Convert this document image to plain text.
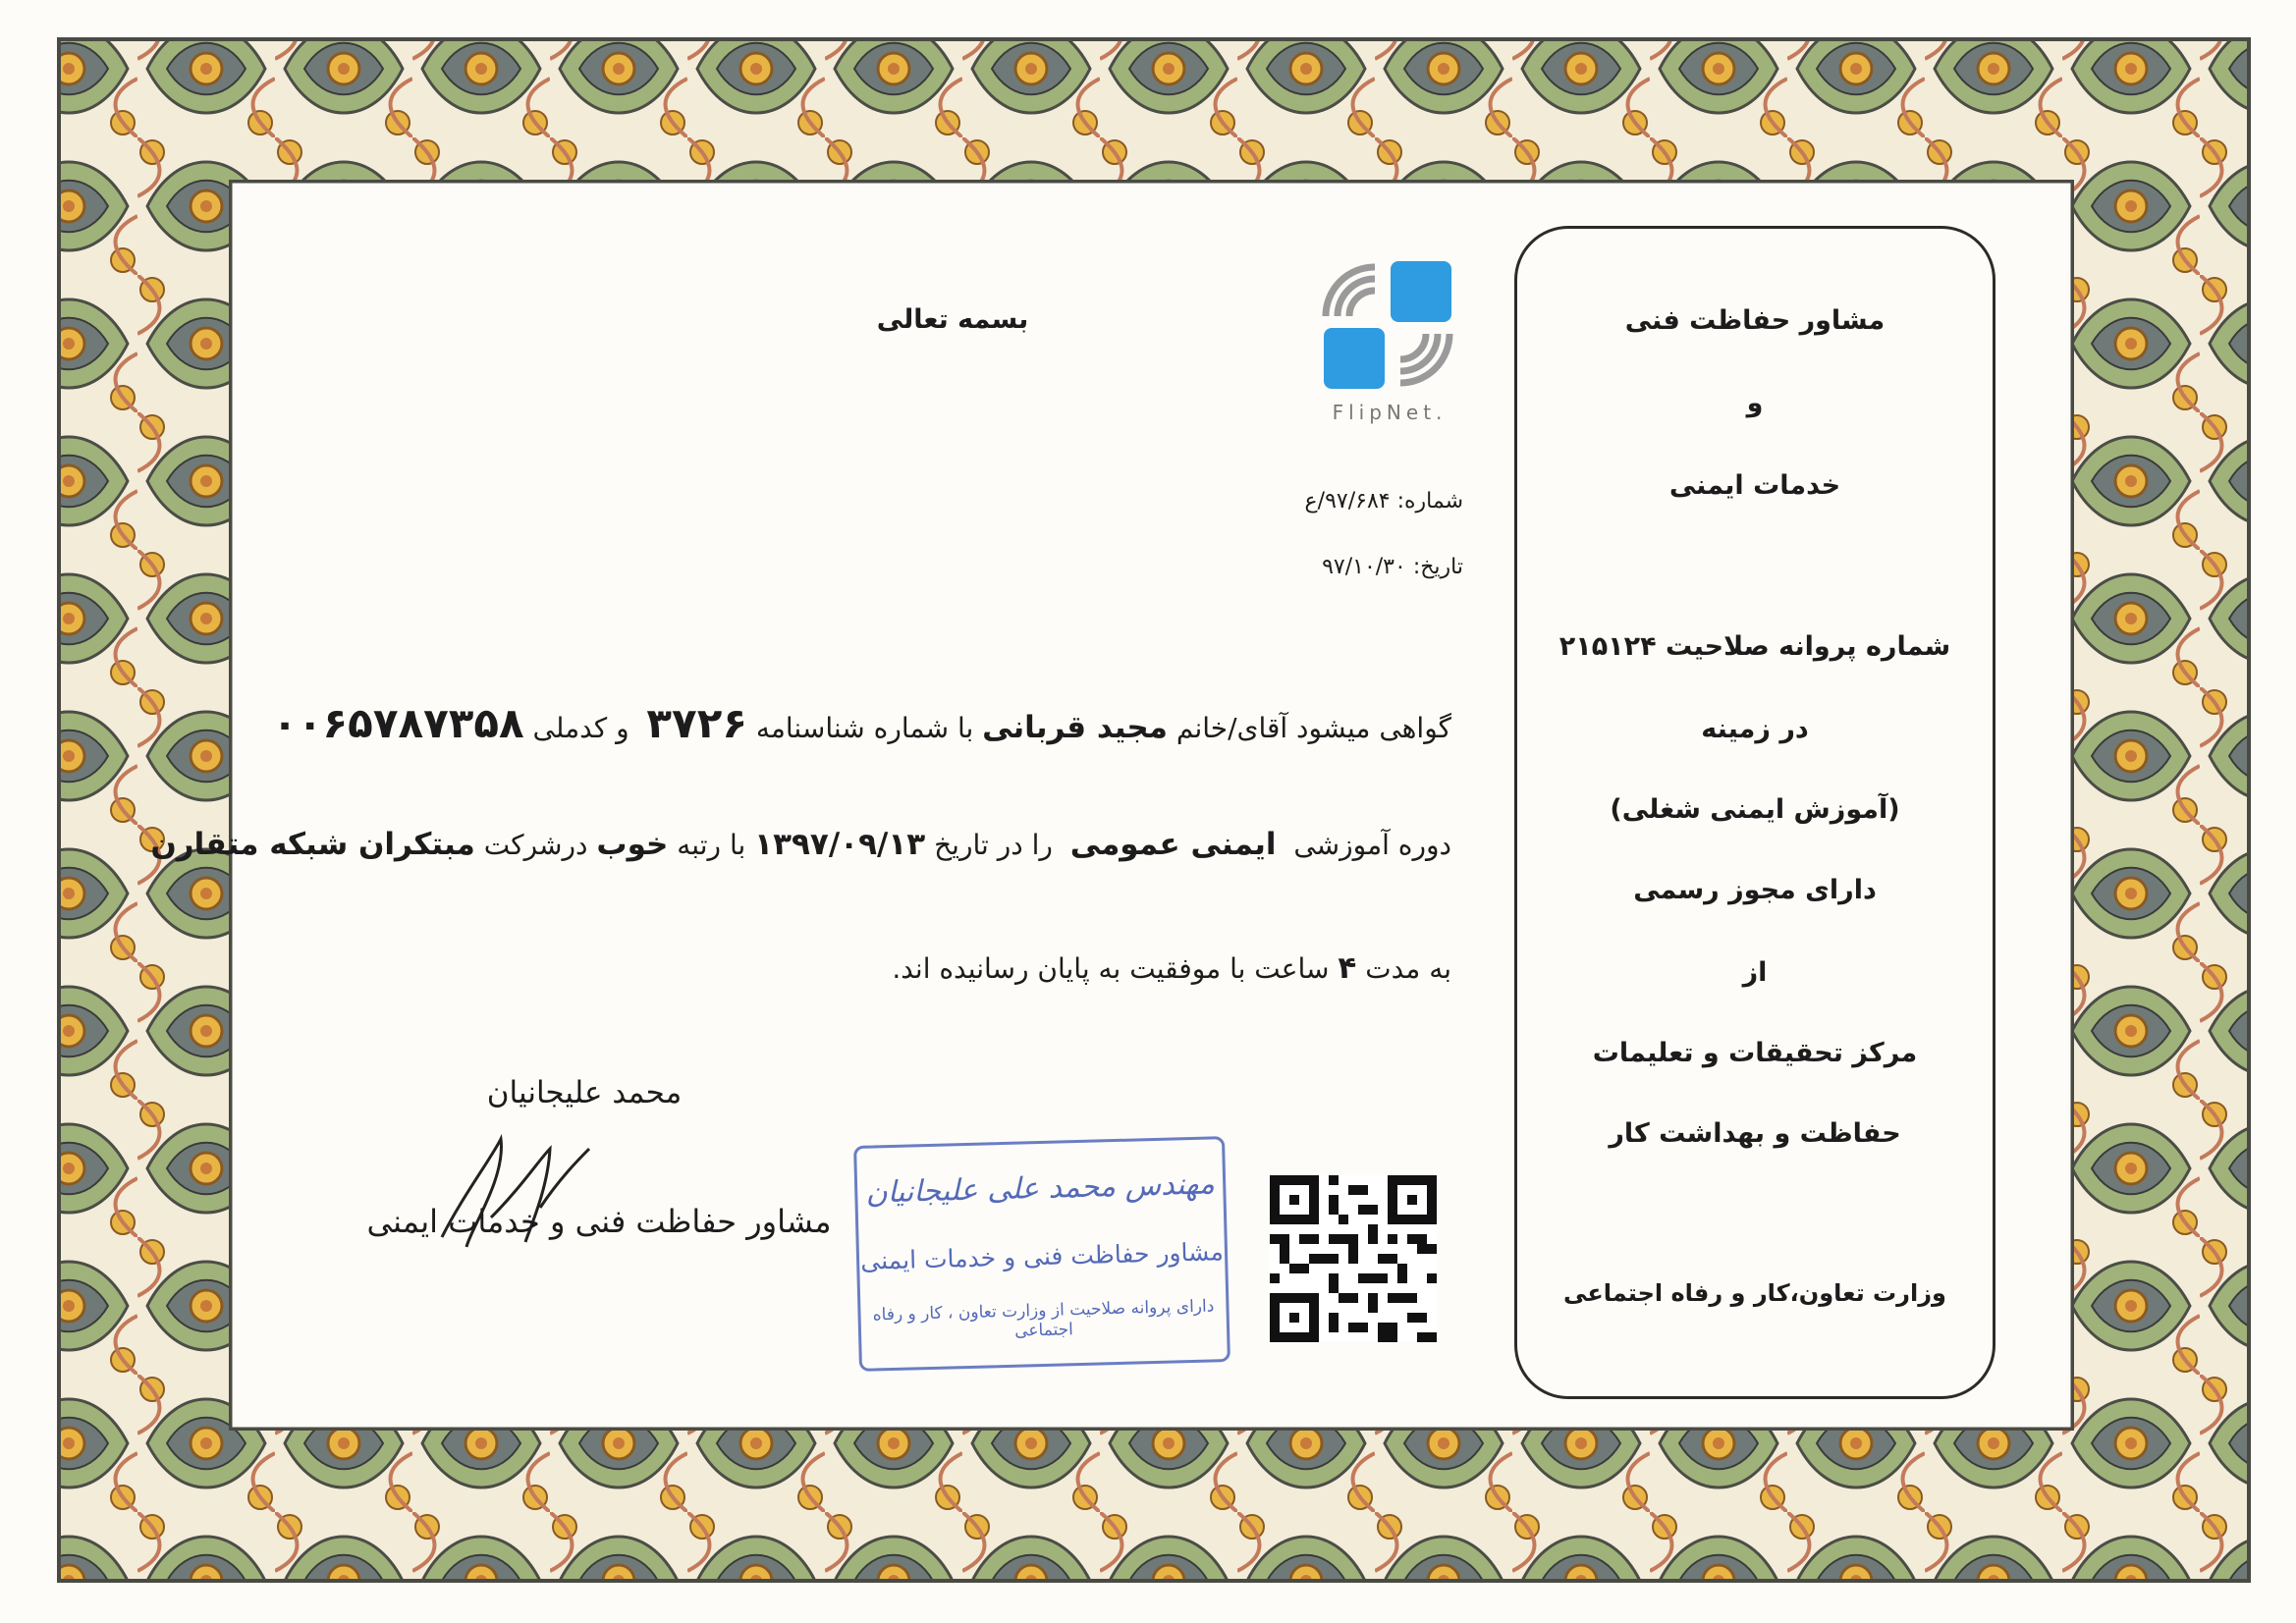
FlipNet.
بسمه تعالی
شماره: ۹۷/۶۸۴/ع
تاریخ: ۹۷/۱۰/۳۰
گواهی میشود آقای/خانم مجید قربانی با شماره شناسنامه ۳۷۲۶  و کدملی ۰۰۶۵۷۸۷۳۵۸
دوره آموزشی  ایمنی عمومی  را در تاریخ ۱۳۹۷/۰۹/۱۳ با رتبه خوب درشرکت مبتکران شبکه متقارن
به مدت ۴ ساعت با موفقیت به پایان رسانیده اند.
محمد علیجانیان
مشاور حفاظت فنی و خدمات ایمنی
مهندس محمد علی علیجانیان
مشاور حفاظت فنی و خدمات ایمنی
دارای پروانه صلاحیت از وزارت تعاون ، کار و رفاه اجتماعی
مشاور حفاظت فنی
و
خدمات ایمنی
شماره پروانه صلاحیت ۲۱۵۱۲۴
در زمینه
(آموزش ایمنی شغلی)
دارای مجوز رسمی
از
مرکز تحقیقات و تعلیمات
حفاظت و بهداشت کار
وزارت تعاون،کار و رفاه اجتماعی
